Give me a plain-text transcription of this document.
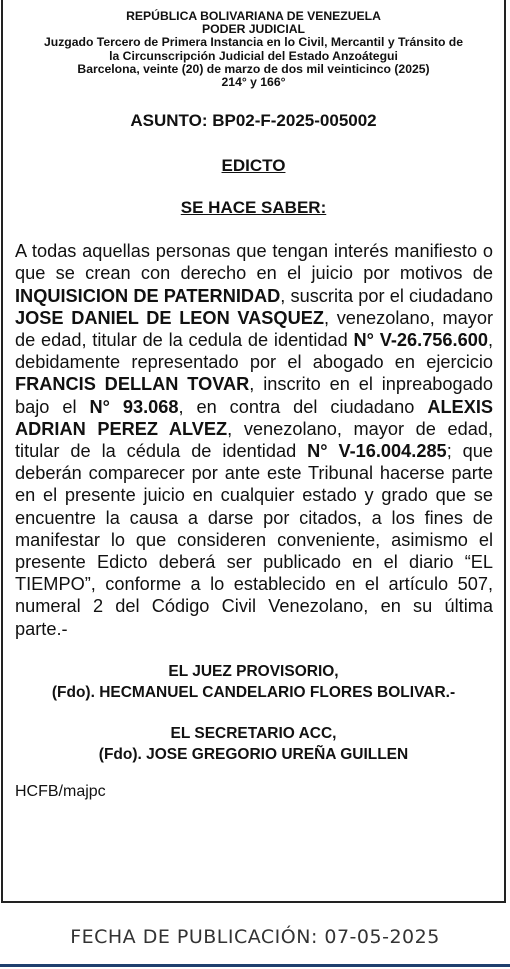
REPÚBLICA BOLIVARIANA DE VENEZUELA
PODER JUDICIAL
Juzgado Tercero de Primera Instancia en lo Civil, Mercantil y Tránsito de
la Circunscripción Judicial del Estado Anzoátegui
Barcelona, veinte (20) de marzo de dos mil veinticinco (2025)
214° y 166°
ASUNTO: BP02-F-2025-005002
EDICTO
SE HACE SABER:
A todas aquellas personas que tengan interés manifiesto o que se crean con derecho en el juicio por motivos de INQUISICION DE PATERNIDAD, suscrita por el ciudadano JOSE DANIEL DE LEON VASQUEZ, venezolano, mayor de edad, titular de la cedula de identidad N° V-26.756.600, debidamente representado por el abogado en ejercicio FRANCIS DELLAN TOVAR, inscrito en el inpreabogado bajo el N° 93.068, en contra del ciudadano ALEXIS ADRIAN PEREZ ALVEZ, venezolano, mayor de edad, titular de la cédula de identidad N° V-16.004.285; que deberán comparecer por ante este Tribunal hacerse parte en el presente juicio en cualquier estado y grado que se encuentre la causa a darse por citados, a los fines de manifestar lo que consideren conveniente, asimismo el presente Edicto deberá ser publicado en el diario “EL TIEMPO”, conforme a lo establecido en el artículo 507, numeral 2 del Código Civil Venezolano, en su última parte.-
EL JUEZ PROVISORIO,
(Fdo). HECMANUEL CANDELARIO FLORES BOLIVAR.-
EL SECRETARIO ACC,
(Fdo). JOSE GREGORIO UREÑA GUILLEN
HCFB/majpc
FECHA DE PUBLICACIÓN: 07-05-2025
